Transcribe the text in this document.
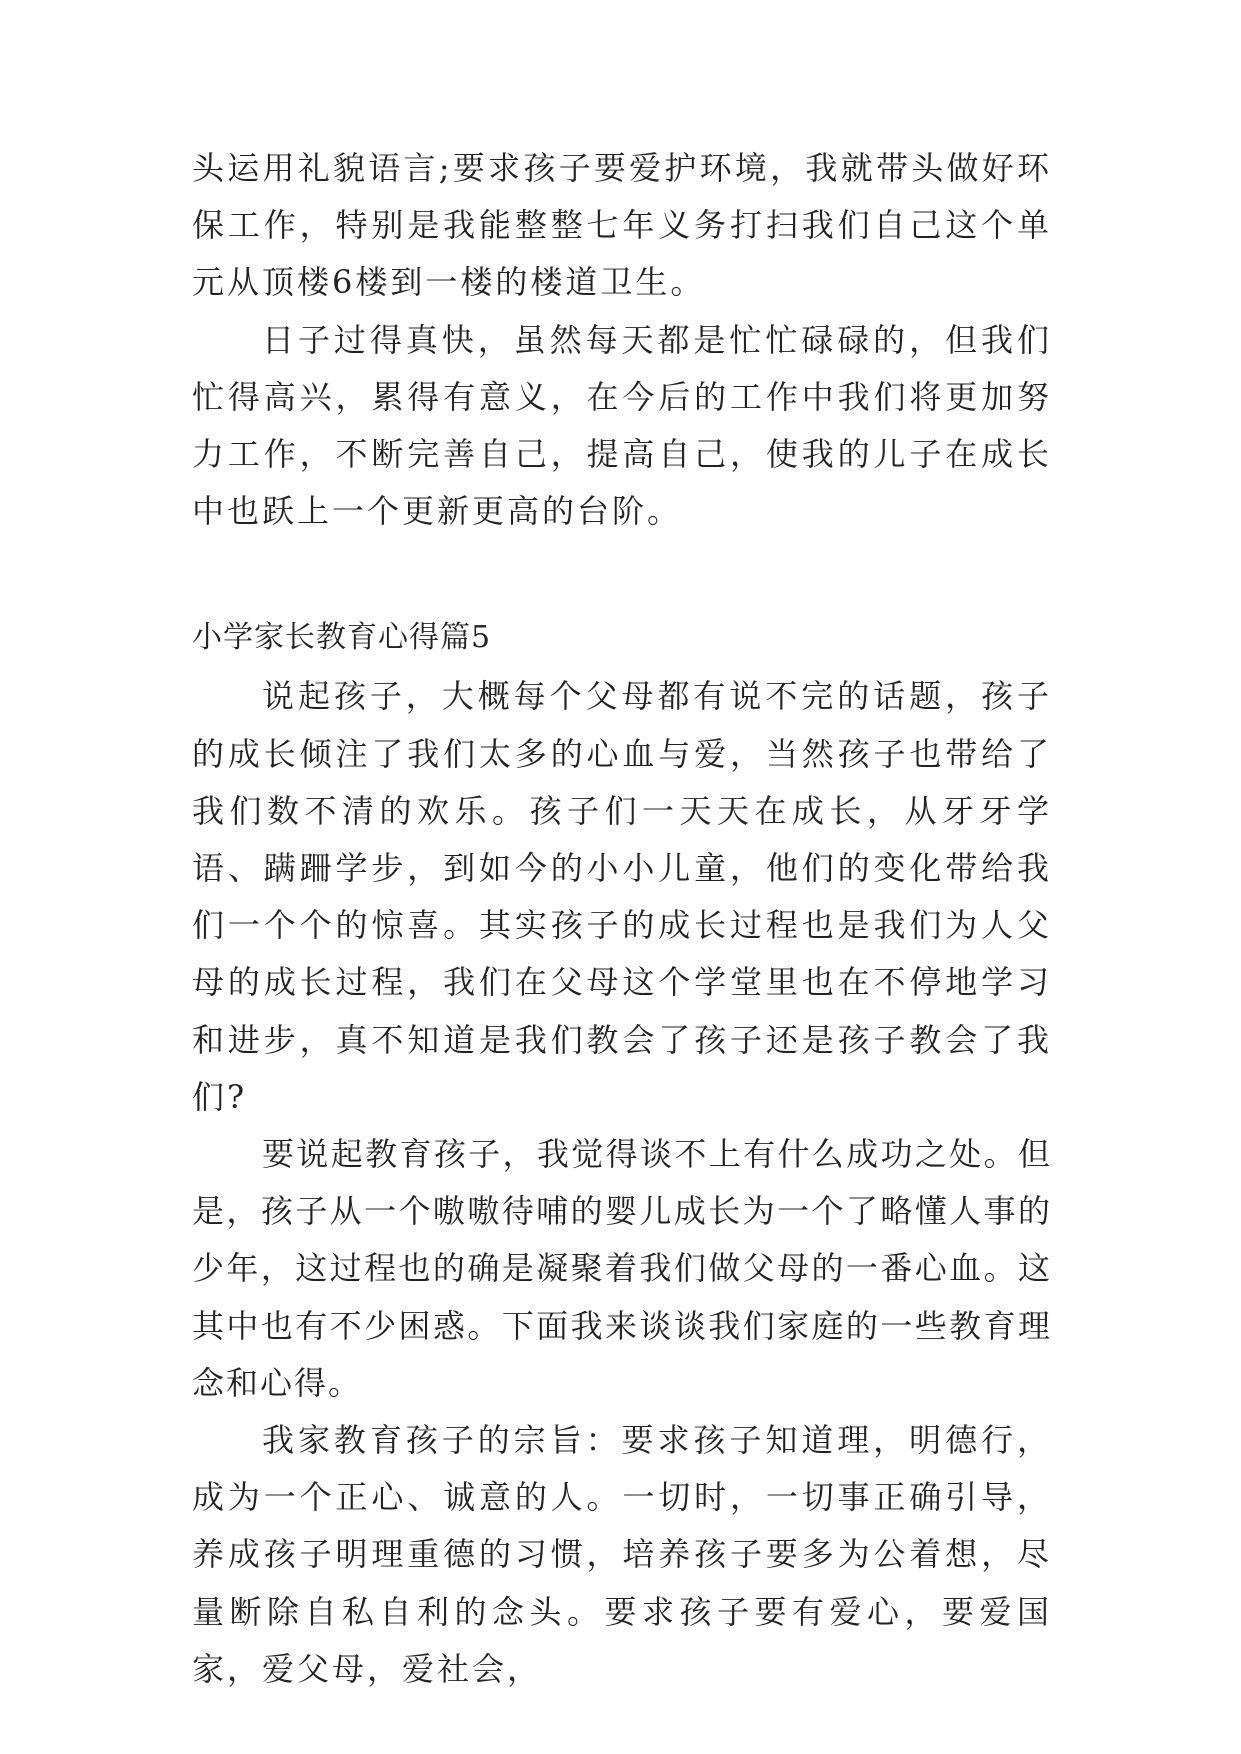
头运用礼貌语言;要求孩子要爱护环境，我就带头做好环保工作，特别是我能整整七年义务打扫我们自己这个单元从顶楼6楼到一楼的楼道卫生。

日子过得真快，虽然每天都是忙忙碌碌的，但我们忙得高兴，累得有意义，在今后的工作中我们将更加努力工作，不断完善自己，提高自己，使我的儿子在成长中也跃上一个更新更高的台阶。

小学家长教育心得篇5

说起孩子，大概每个父母都有说不完的话题，孩子的成长倾注了我们太多的心血与爱，当然孩子也带给了我们数不清的欢乐。孩子们一天天在成长，从牙牙学语、蹒跚学步，到如今的小小儿童，他们的变化带给我们一个个的惊喜。其实孩子的成长过程也是我们为人父母的成长过程，我们在父母这个学堂里也在不停地学习和进步，真不知道是我们教会了孩子还是孩子教会了我们?

要说起教育孩子，我觉得谈不上有什么成功之处。但是，孩子从一个嗷嗷待哺的婴儿成长为一个了略懂人事的少年，这过程也的确是凝聚着我们做父母的一番心血。这其中也有不少困惑。下面我来谈谈我们家庭的一些教育理念和心得。

我家教育孩子的宗旨：要求孩子知道理，明德行，成为一个正心、诚意的人。一切时，一切事正确引导，养成孩子明理重德的习惯，培养孩子要多为公着想，尽量断除自私自利的念头。要求孩子要有爱心，要爱国家，爱父母，爱社会，
